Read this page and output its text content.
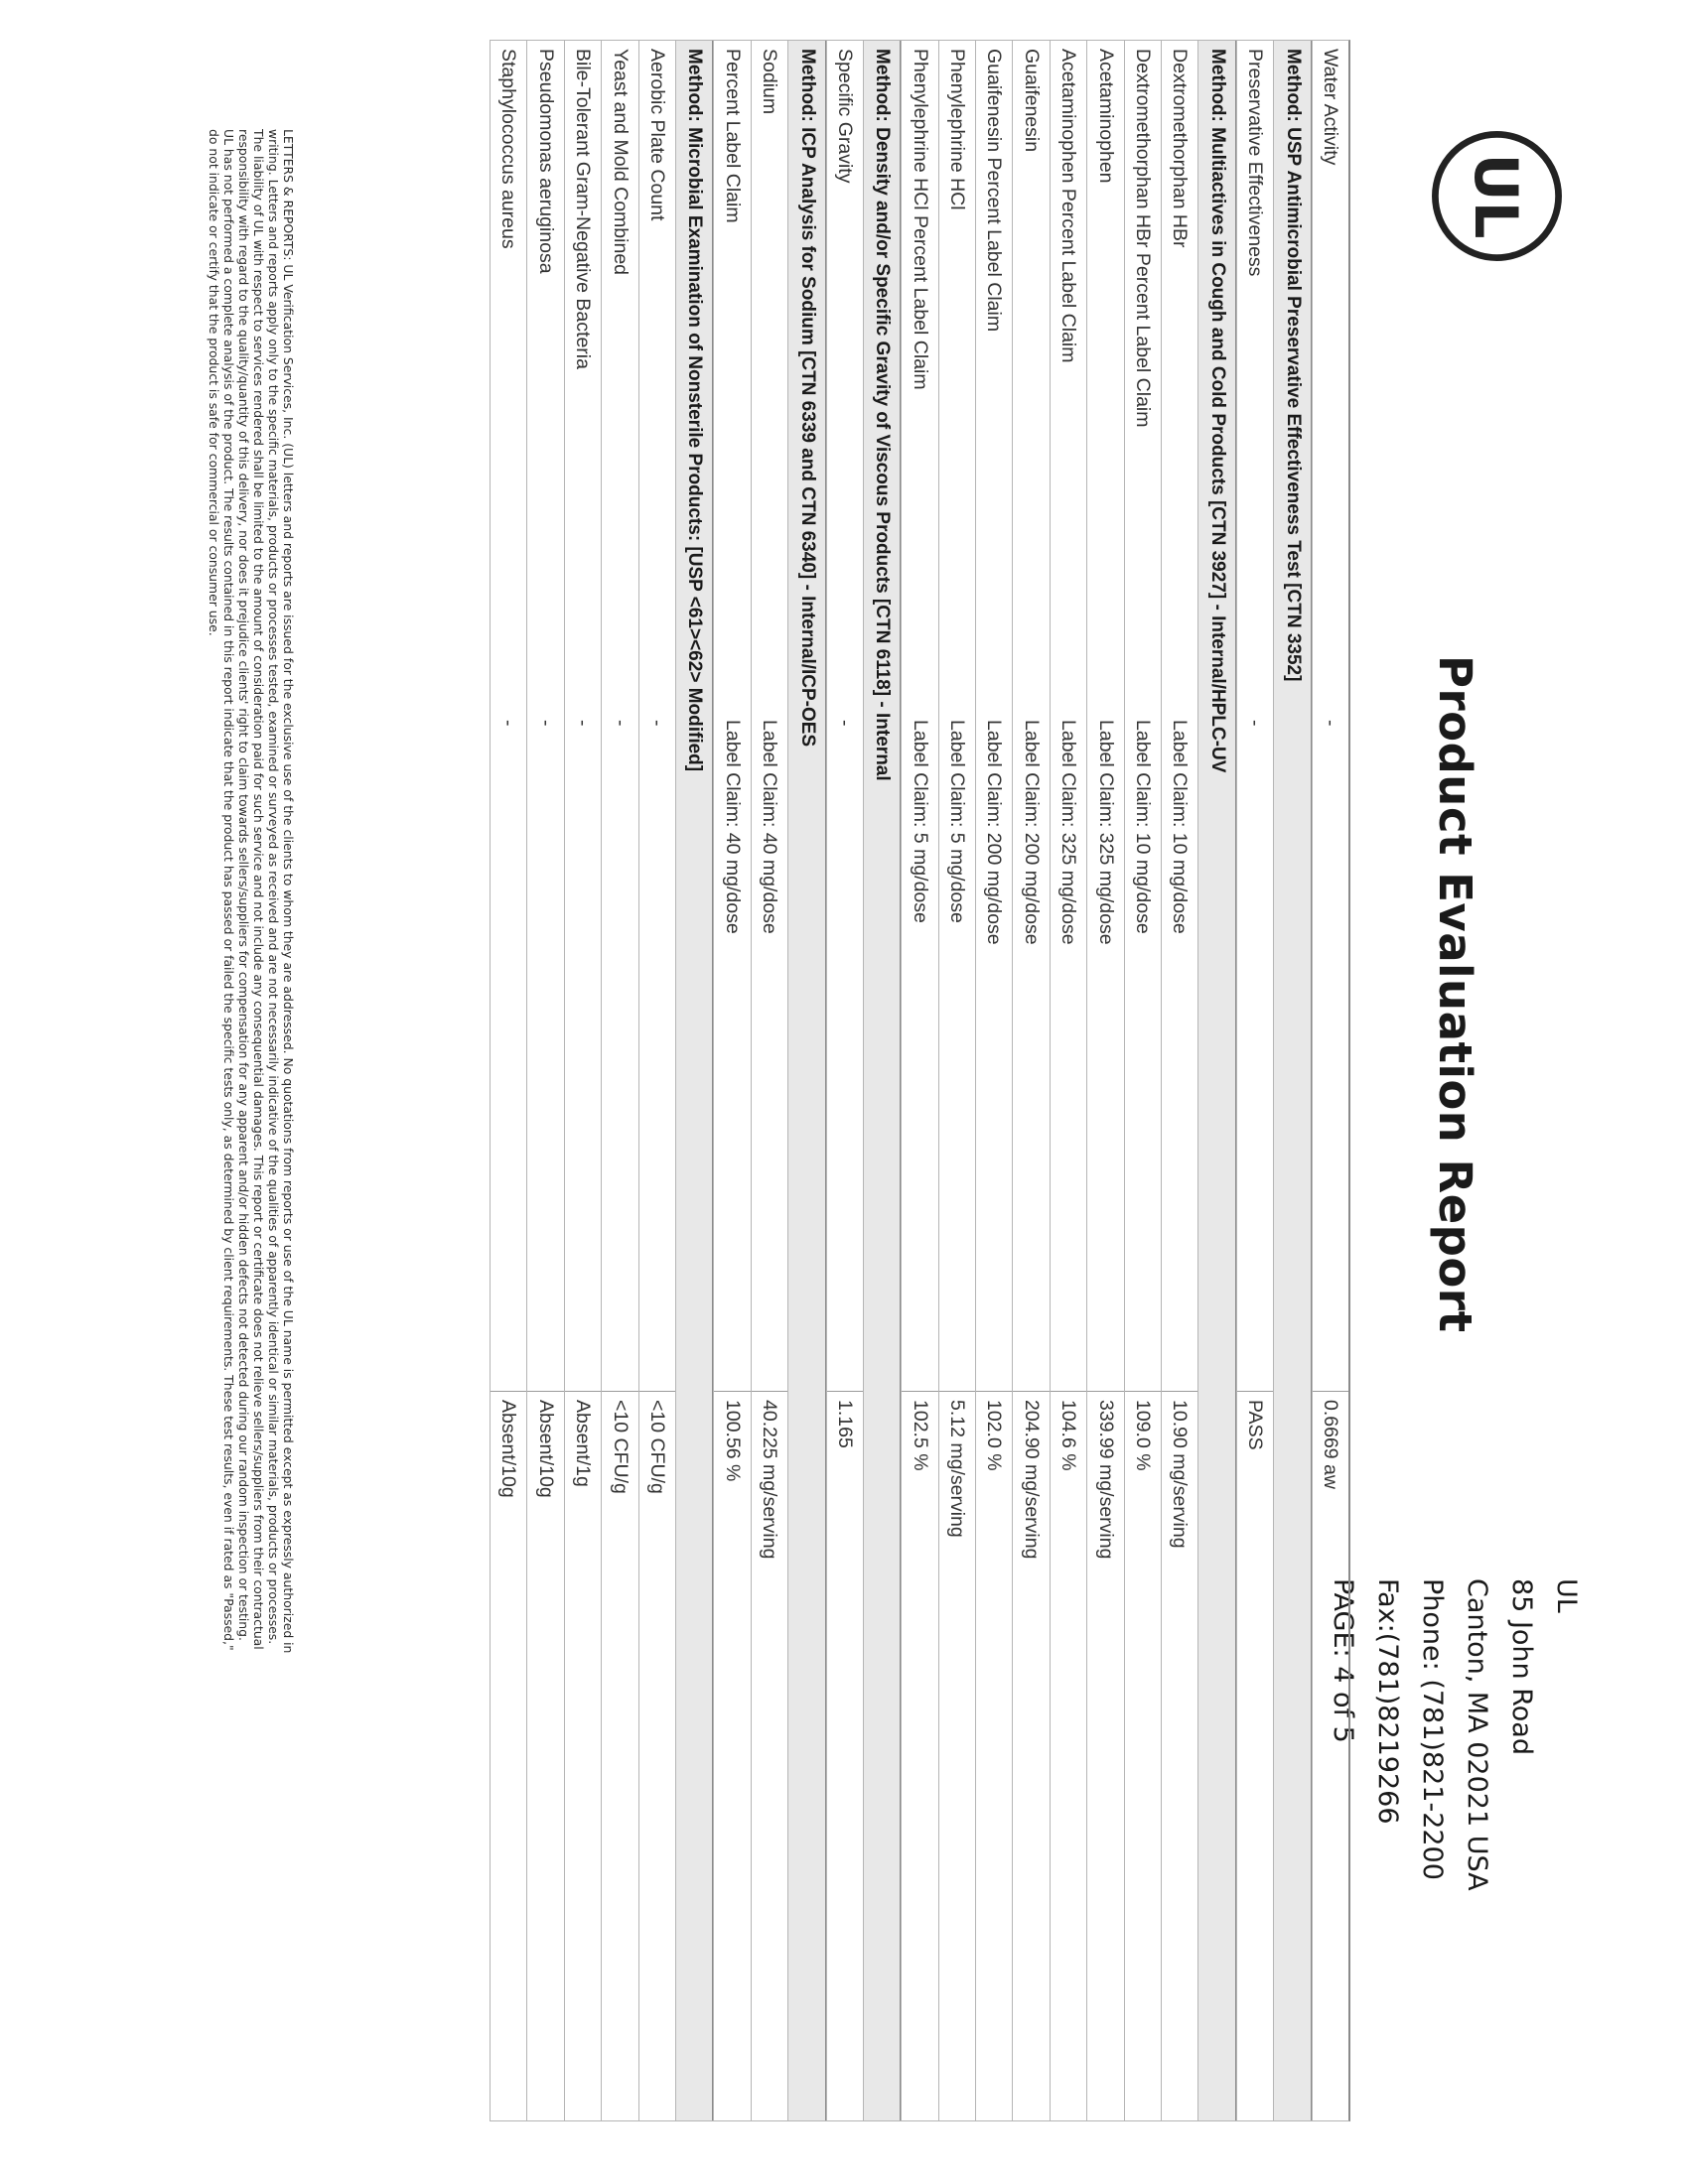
UL
Product Evaluation Report
UL
85 John Road
Canton, MA 02021 USA
Phone: (781)821-2200
Fax:(781)8219266
PAGE: 4 of 5
Water Activity
-
0.6669 aw
Method: USP Antimicrobial Preservative Effectiveness Test [CTN 3352]
Preservative Effectiveness
-
PASS
Method: Multiactives in Cough and Cold Products [CTN 3927] - Internal/HPLC-UV
Dextromethorphan HBr
Label Claim: 10 mg/dose
10.90 mg/serving
Dextromethorphan HBr Percent Label Claim
Label Claim: 10 mg/dose
109.0 %
Acetaminophen
Label Claim: 325 mg/dose
339.99 mg/serving
Acetaminophen Percent Label Claim
Label Claim: 325 mg/dose
104.6 %
Guaifenesin
Label Claim: 200 mg/dose
204.90 mg/serving
Guaifenesin Percent Label Claim
Label Claim: 200 mg/dose
102.0 %
Phenylephrine HCl
Label Claim: 5 mg/dose
5.12 mg/serving
Phenylephrine HCl Percent Label Claim
Label Claim: 5 mg/dose
102.5 %
Method: Density and/or Specific Gravity of Viscous Products [CTN 6118] - Internal
Specific Gravity
-
1.165
Method: ICP Analysis for Sodium [CTN 6339 and CTN 6340] - Internal/ICP-OES
Sodium
Label Claim: 40 mg/dose
40.225 mg/serving
Percent Label Claim
Label Claim: 40 mg/dose
100.56 %
Method: Microbial Examination of Nonsterile Products: [USP <61><62> Modified]
Aerobic Plate Count
-
<10 CFU/g
Yeast and Mold Combined
-
<10 CFU/g
Bile-Tolerant Gram-Negative Bacteria
-
Absent/1g
Pseudomonas aeruginosa
-
Absent/10g
Staphylococcus aureus
-
Absent/10g
LETTERS & REPORTS: UL Verification Services, Inc. (UL) letters and reports are issued for the exclusive use of the clients to whom they are addressed. No quotations from reports or use of the UL name is permitted except as expressly authorized in
writing. Letters and reports apply only to the specific materials, products or processes tested, examined or surveyed as received and are not necessarily indicative of the qualities of apparently identical or similar materials, products or processes.
The liability of UL with respect to services rendered shall be limited to the amount of consideration paid for such service and not include any consequential damages. This report or certificate does not relieve sellers/suppliers from their contractual
responsibility with regard to the quality/quantity of this delivery, nor does it prejudice clients' right to claim towards sellers/suppliers for compensation for any apparent and/or hidden defects not detected during our random inspection or testing.
UL has not performed a complete analysis of the product. The results contained in this report indicate that the product has passed or failed the specific tests only, as determined by client requirements. These test results, even if rated as "Passed,"
do not indicate or certify that the product is safe for commercial or consumer use.
